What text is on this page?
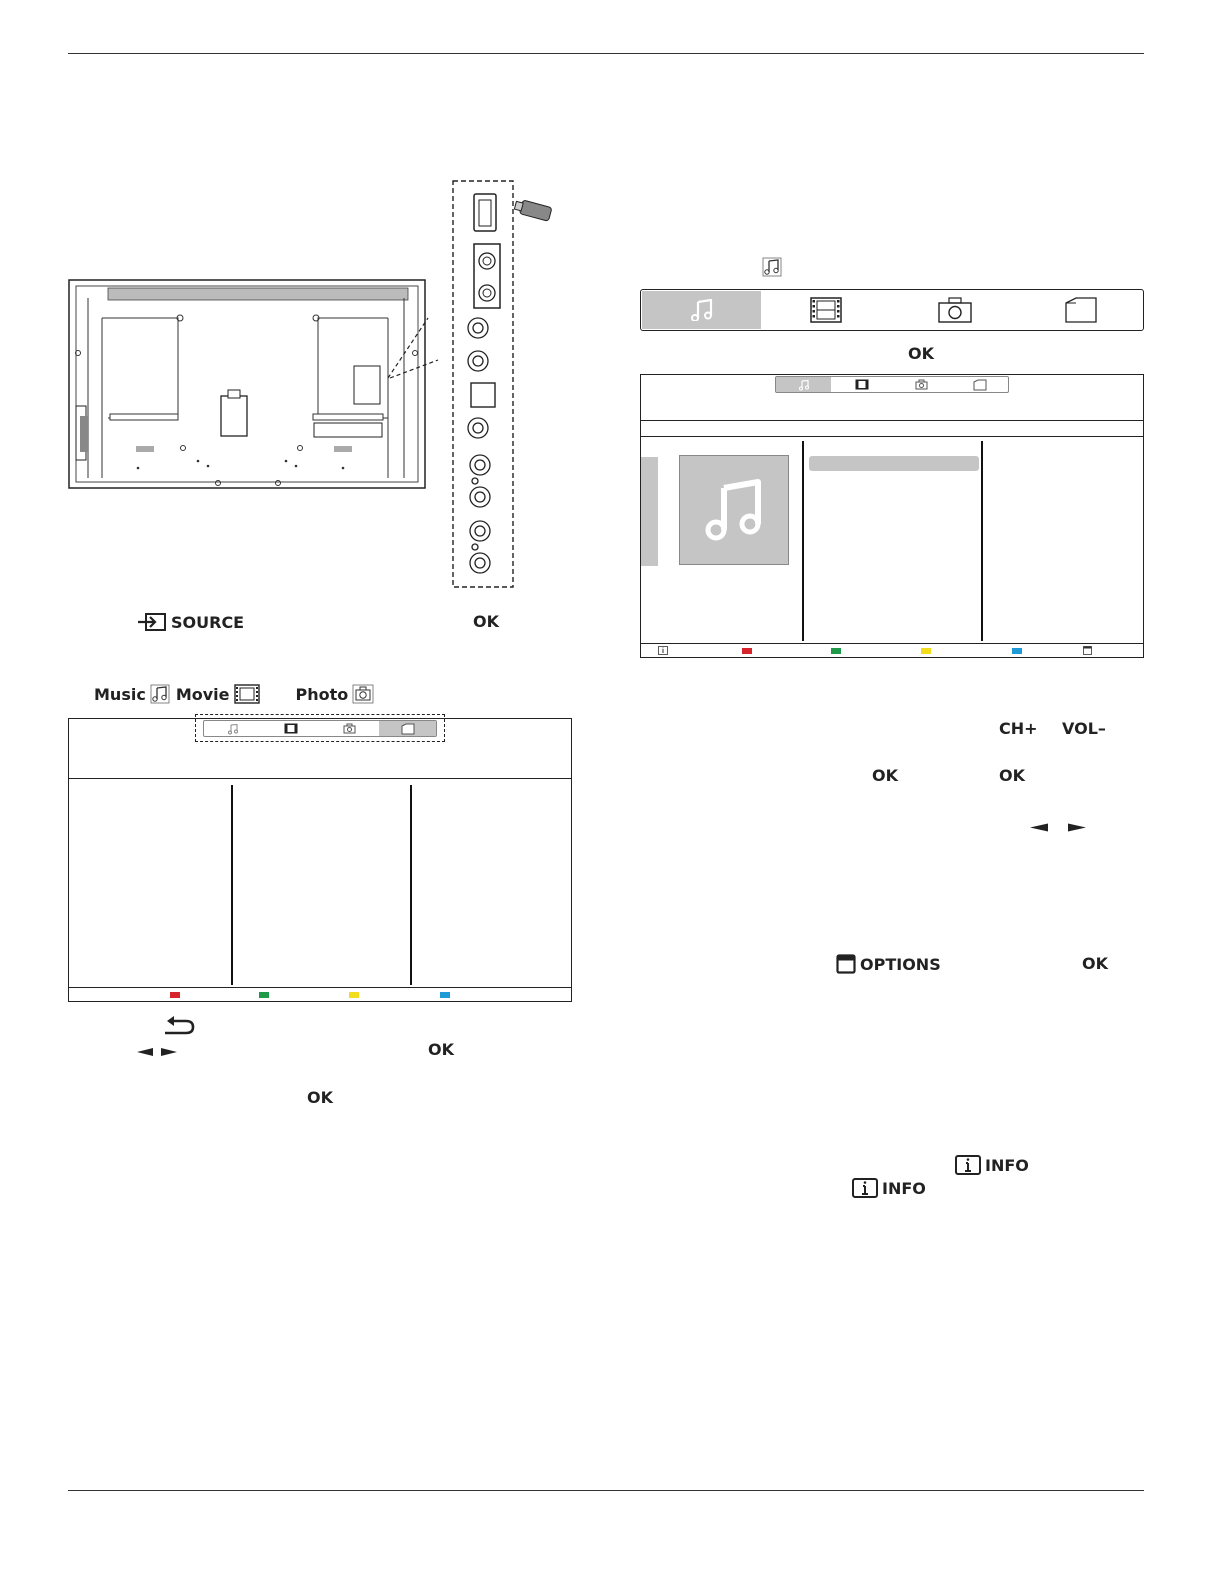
SOURCE	OK
Music Movie	Photo
OK
OK
OK
CH+ VOL–
OK	OK
OPTIONS	OK
INFO
INFO
